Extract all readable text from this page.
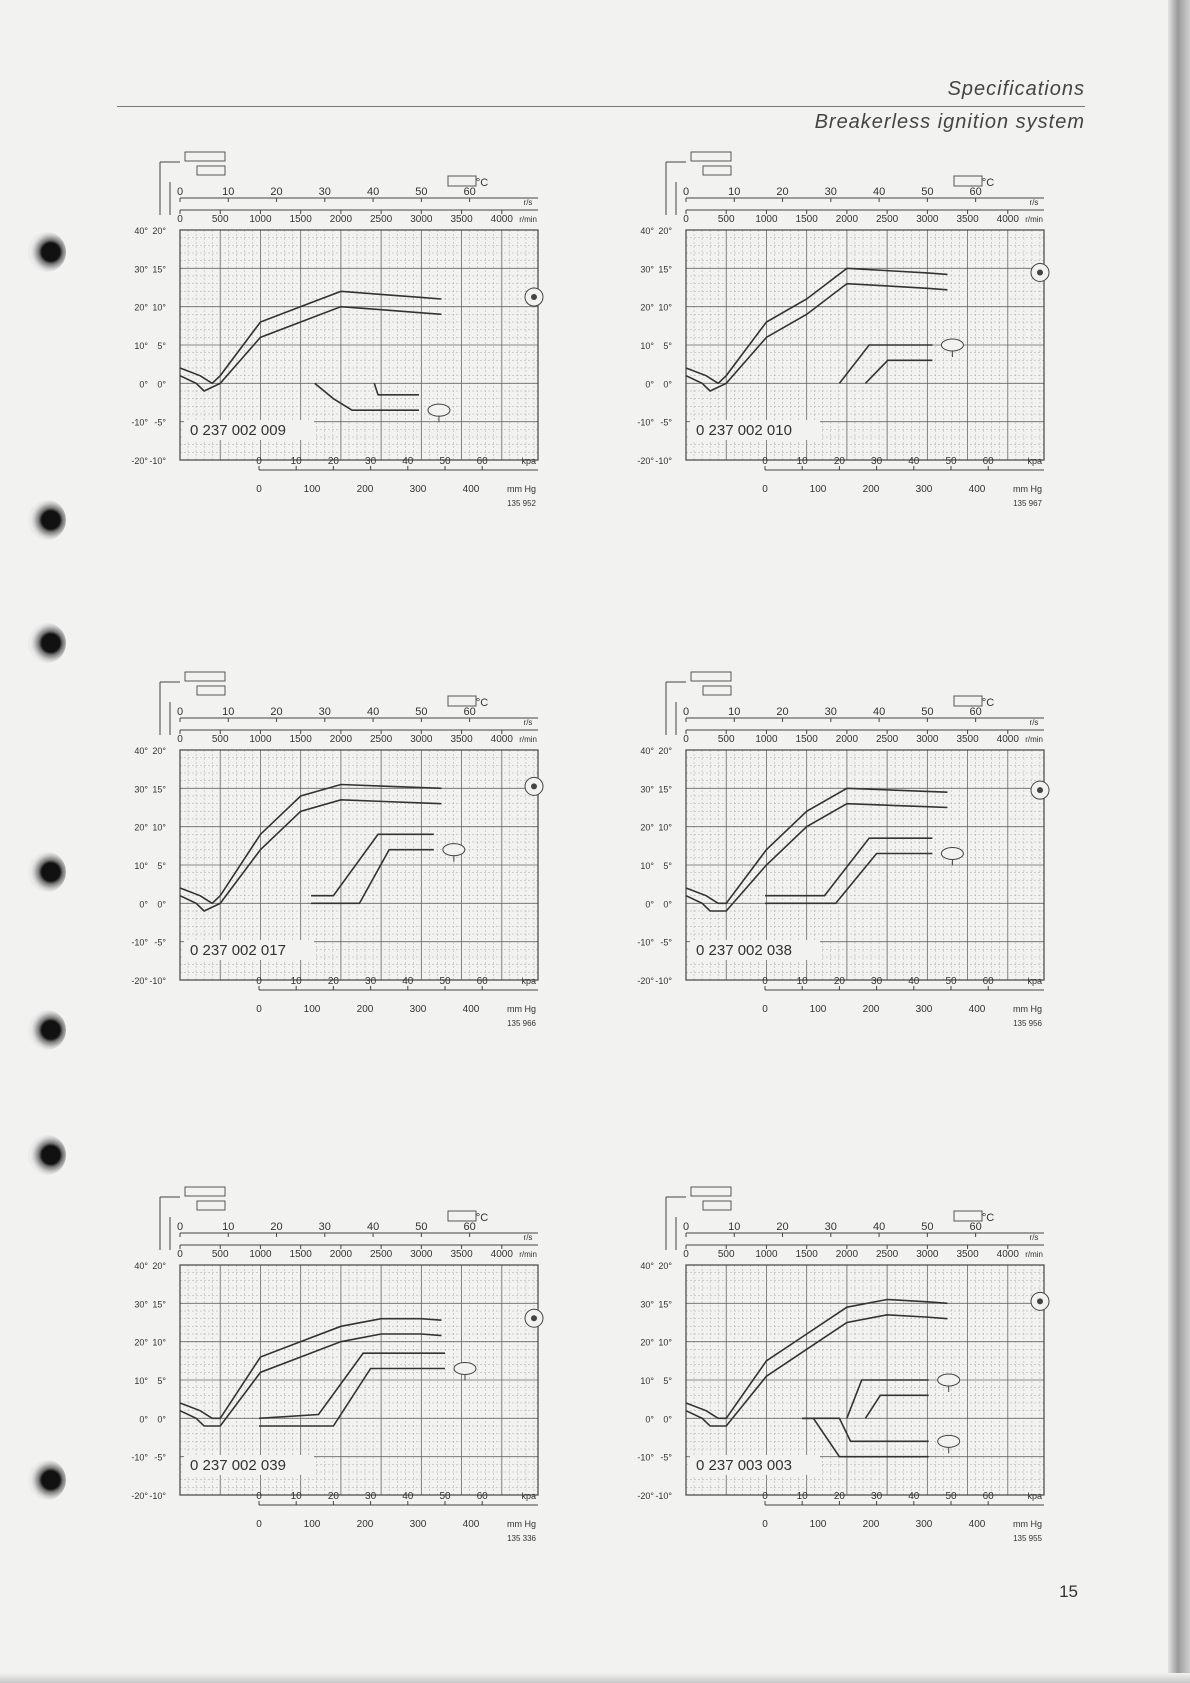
Specifications
Breakerless ignition system
°C
0	10	20	30	40	50	60
r/s
0	500 1000 1500 2000 2500 3000 3500 4000 r/min
40° 20°
30° 15°
20° 10°
10° 5°
0° 0°
-10° -5°
-20° -10°	0	10	20	30	40	50	60	kpa
0	100	200	300	400	mm Hg
135 952
0 237 002 009
°C
0	10	20	30	40	50	60
r/s
0	500 1000 1500 2000 2500 3000 3500 4000 r/min
40° 20°
30° 15°
20° 10°
10° 5°
0° 0°
-10° -5°
-20° -10°	0	10	20	30	40	50	60	kpa
0	100	200	300	400	mm Hg
135 967
0 237 002 010
°C
0	10	20	30	40	50	60
r/s
0	500 1000 1500 2000 2500 3000 3500 4000 r/min
40° 20°
30° 15°
20° 10°
10° 5°
0° 0°
-10° -5°
-20° -10°	0	10	20	30	40	50	60	kpa
0	100	200	300	400	mm Hg
135 966
0 237 002 017
°C
0	10	20	30	40	50	60
r/s
0	500 1000 1500 2000 2500 3000 3500 4000 r/min
40° 20°
30° 15°
20° 10°
10° 5°
0° 0°
-10° -5°
-20° -10°	0	10	20	30	40	50	60	kpa
0	100	200	300	400	mm Hg
135 956
0 237 002 038
°C
0	10	20	30	40	50	60
r/s
0	500 1000 1500 2000 2500 3000 3500 4000 r/min
40° 20°
30° 15°
20° 10°
10° 5°
0° 0°
-10° -5°
-20° -10°	0	10	20	30	40	50	60	kpa
0	100	200	300	400	mm Hg
135 336
0 237 002 039
°C
0	10	20	30	40	50	60
r/s
0	500 1000 1500 2000 2500 3000 3500 4000 r/min
40° 20°
30° 15°
20° 10°
10° 5°
0° 0°
-10° -5°
-20° -10°	0	10	20	30	40	50	60	kpa
0	100	200	300	400	mm Hg
135 955
0 237 003 003
15
